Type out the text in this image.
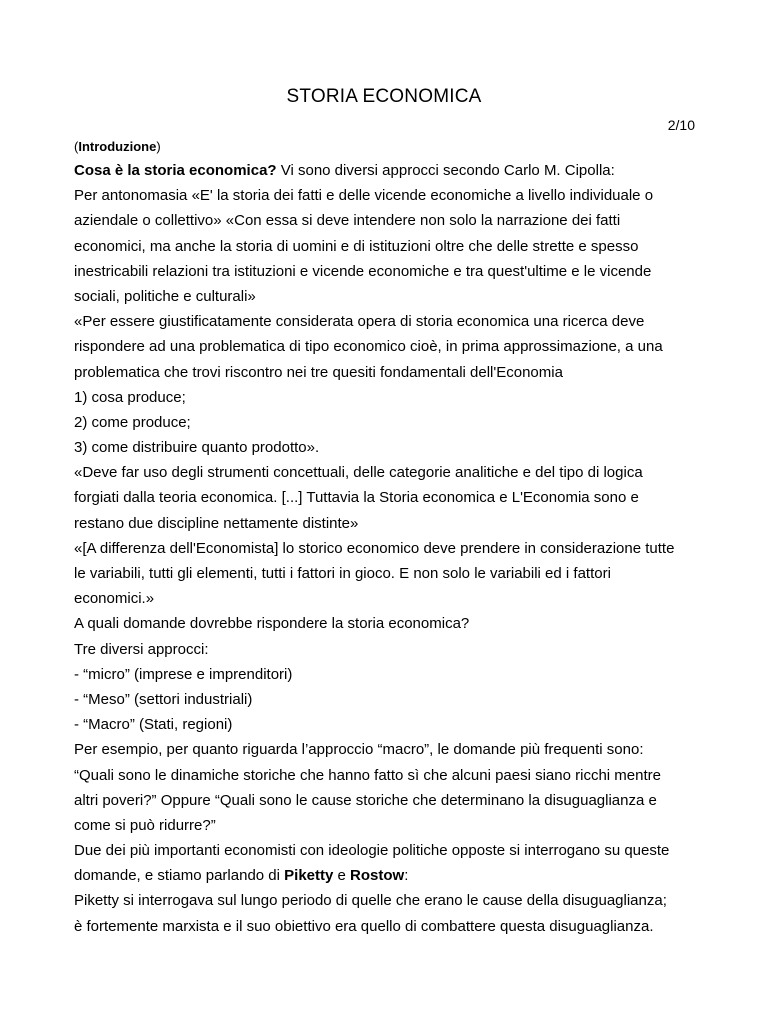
STORIA ECONOMICA
2/10
(Introduzione)
Cosa è la storia economica? Vi sono diversi approcci secondo Carlo M. Cipolla:
Per antonomasia «E' la storia dei fatti e delle vicende economiche a livello individuale o
aziendale o collettivo» «Con essa si deve intendere non solo la narrazione dei fatti
economici, ma anche la storia di uomini e di istituzioni oltre che delle strette e spesso
inestricabili relazioni tra istituzioni e vicende economiche e tra quest'ultime e le vicende
sociali, politiche e culturali»
«Per essere giustificatamente considerata opera di storia economica una ricerca deve
rispondere ad una problematica di tipo economico cioè, in prima approssimazione, a una
problematica che trovi riscontro nei tre quesiti fondamentali dell'Economia
1) cosa produce;
2) come produce;
3) come distribuire quanto prodotto».
«Deve far uso degli strumenti concettuali, delle categorie analitiche e del tipo di logica
forgiati dalla teoria economica. [...] Tuttavia la Storia economica e L'Economia sono e
restano due discipline nettamente distinte»
«[A differenza dell'Economista] lo storico economico deve prendere in considerazione tutte
le variabili, tutti gli elementi, tutti i fattori in gioco. E non solo le variabili ed i fattori
economici.»
A quali domande dovrebbe rispondere la storia economica?
Tre diversi approcci:
- “micro” (imprese e imprenditori)
- “Meso” (settori industriali)
- “Macro” (Stati, regioni)
Per esempio, per quanto riguarda l’approccio “macro”, le domande più frequenti sono:
“Quali sono le dinamiche storiche che hanno fatto sì che alcuni paesi siano ricchi mentre
altri poveri?” Oppure “Quali sono le cause storiche che determinano la disuguaglianza e
come si può ridurre?”
Due dei più importanti economisti con ideologie politiche opposte si interrogano su queste
domande, e stiamo parlando di Piketty e Rostow:
Piketty si interrogava sul lungo periodo di quelle che erano le cause della disuguaglianza;
è fortemente marxista e il suo obiettivo era quello di combattere questa disuguaglianza.
